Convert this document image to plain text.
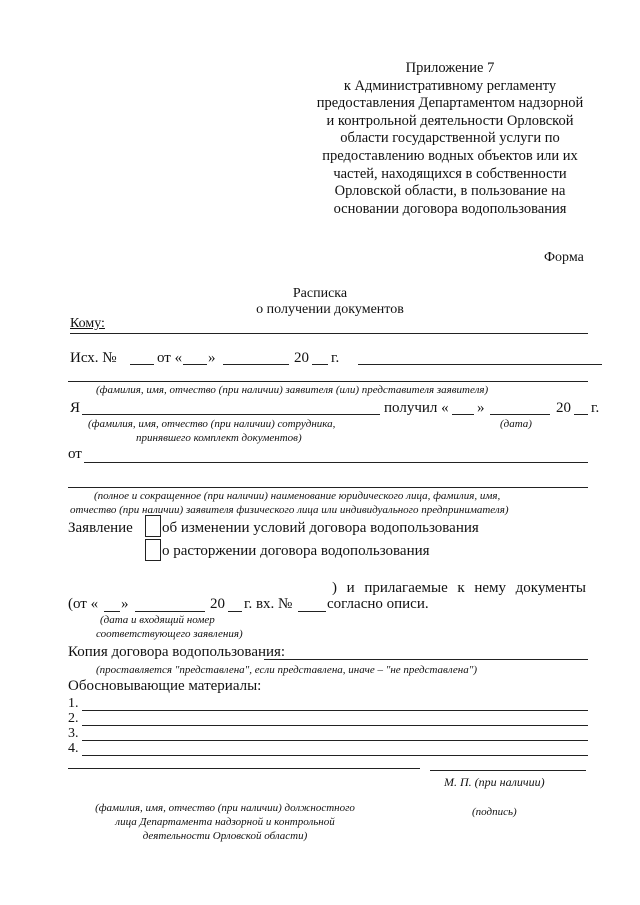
Приложение 7
к Административному регламенту
предоставления Департаментом надзорной
и контрольной деятельности Орловской
области государственной услуги по
предоставлению водных объектов или их
частей, находящихся в собственности
Орловской области, в пользование на
основании договора водопользования
Форма
Расписка
о получении документов
Кому:
Исх. №	от « »	20 г.
(фамилия, имя, отчество (при наличии) заявителя (или) представителя заявителя)
Я	получил « »	20 г.
(фамилия, имя, отчество (при наличии) сотрудника,	(дата)
принявшего комплект документов)
от
(полное и сокращенное (при наличии) наименование юридического лица, фамилия, имя,
отчество (при наличии) заявителя физического лица или индивидуального предпринимателя)
Заявление об изменении условий договора водопользования
о расторжении договора водопользования
) и прилагаемые к нему документы
(от « »	20 г. вх. № согласно описи.
(дата и входящий номер
соответствующего заявления)
Копия договора водопользования:
(проставляется "представлена", если представлена, иначе – "не представлена")
Обосновывающие материалы:
1.
2.
3.
4.
М. П. (при наличии)
(фамилия, имя, отчество (при наличии) должностного
лица Департамента надзорной и контрольной
деятельности Орловской области)
(подпись)
